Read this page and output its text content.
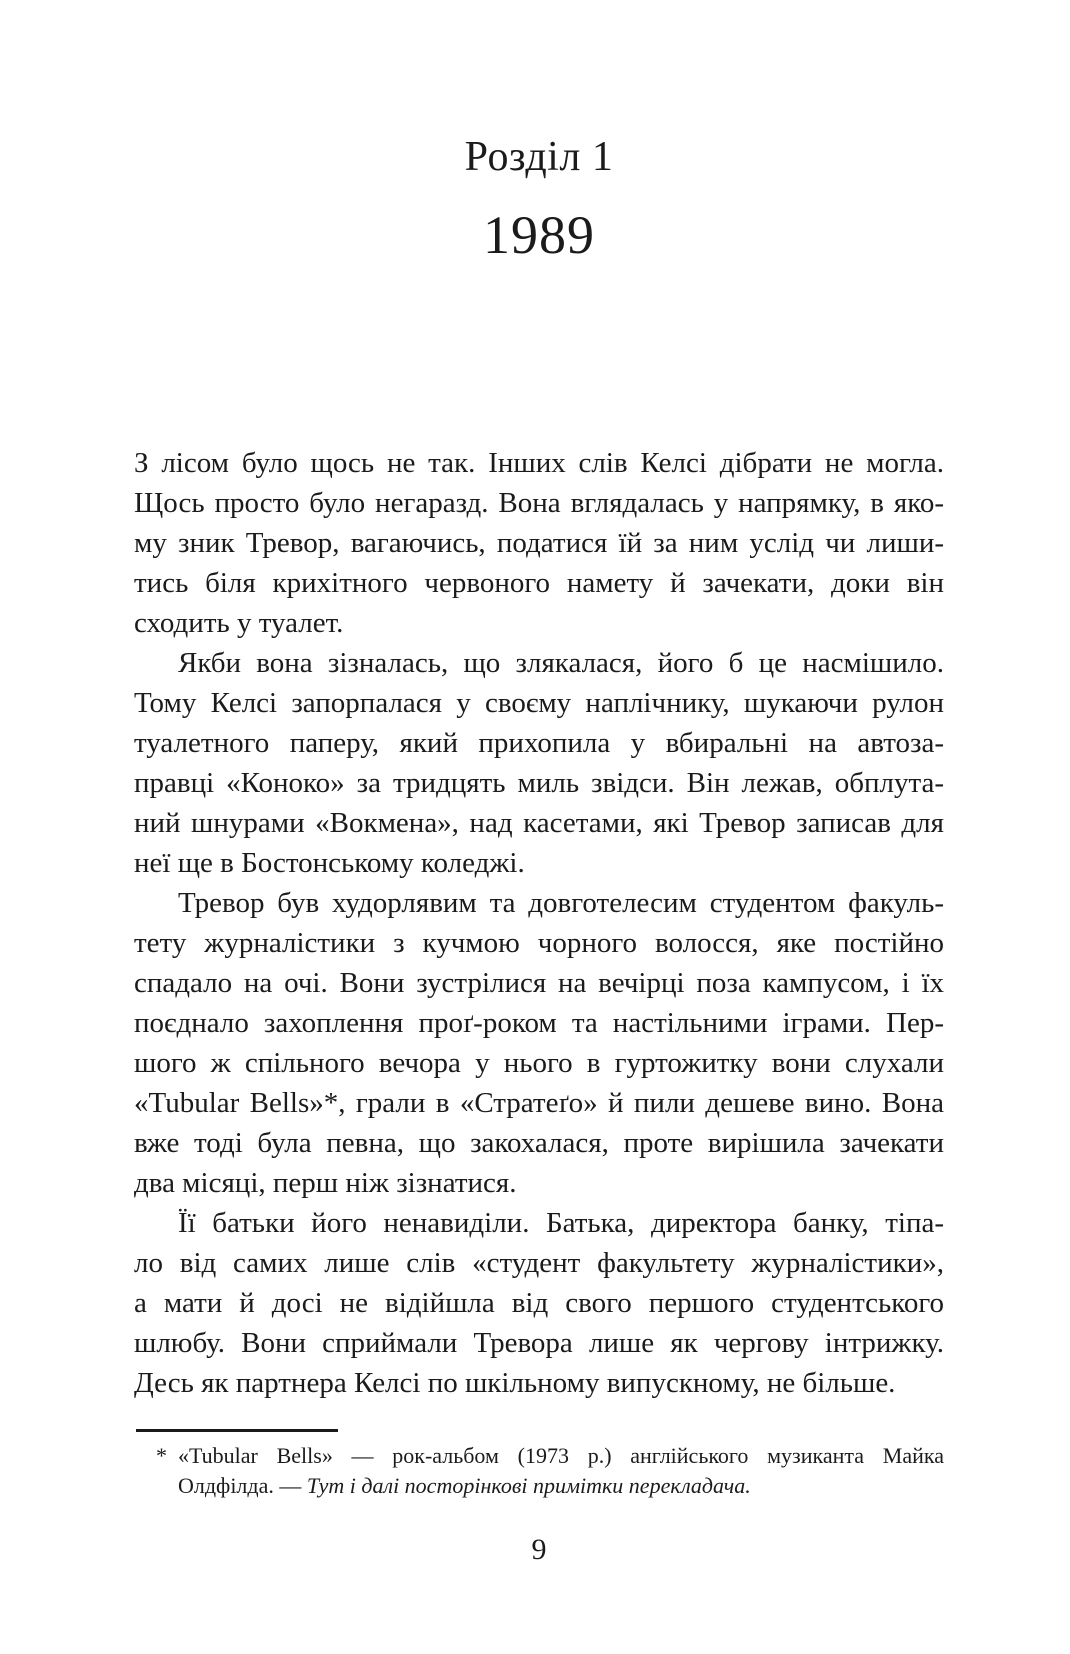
Розділ 1
1989
З лісом було щось не так. Інших слів Келсі дібрати не могла.
Щось просто було негаразд. Вона вглядалась у напрямку, в яко-
му зник Тревор, вагаючись, податися їй за ним услід чи лиши-
тись біля крихітного червоного намету й зачекати, доки він
сходить у туалет.
Якби вона зізналась, що злякалася, його б це насмішило.
Тому Келсі запорпалася у своєму наплічнику, шукаючи рулон
туалетного паперу, який прихопила у вбиральні на автоза-
правці «Коноко» за тридцять миль звідси. Він лежав, обплута-
ний шнурами «Вокмена», над касетами, які Тревор записав для
неї ще в Бостонському коледжі.
Тревор був худорлявим та довготелесим студентом факуль-
тету журналістики з кучмою чорного волосся, яке постійно
спадало на очі. Вони зустрілися на вечірці поза кампусом, і їх
поєднало захоплення проґ-роком та настільними іграми. Пер-
шого ж спільного вечора у нього в гуртожитку вони слухали
«Tubular Bells»*, грали в «Стратеґо» й пили дешеве вино. Вона
вже тоді була певна, що закохалася, проте вирішила зачекати
два місяці, перш ніж зізнатися.
Її батьки його ненавиділи. Батька, директора банку, тіпа-
ло від самих лише слів «студент факультету журналістики»,
а мати й досі не відійшла від свого першого студентського
шлюбу. Вони сприймали Тревора лише як чергову інтрижку.
Десь як партнера Келсі по шкільному випускному, не більше.
* «Tubular Bells» — рок-альбом (1973 р.) англійського музиканта Майка
Олдфілда. — Тут і далі посторінкові примітки перекладача.
9
